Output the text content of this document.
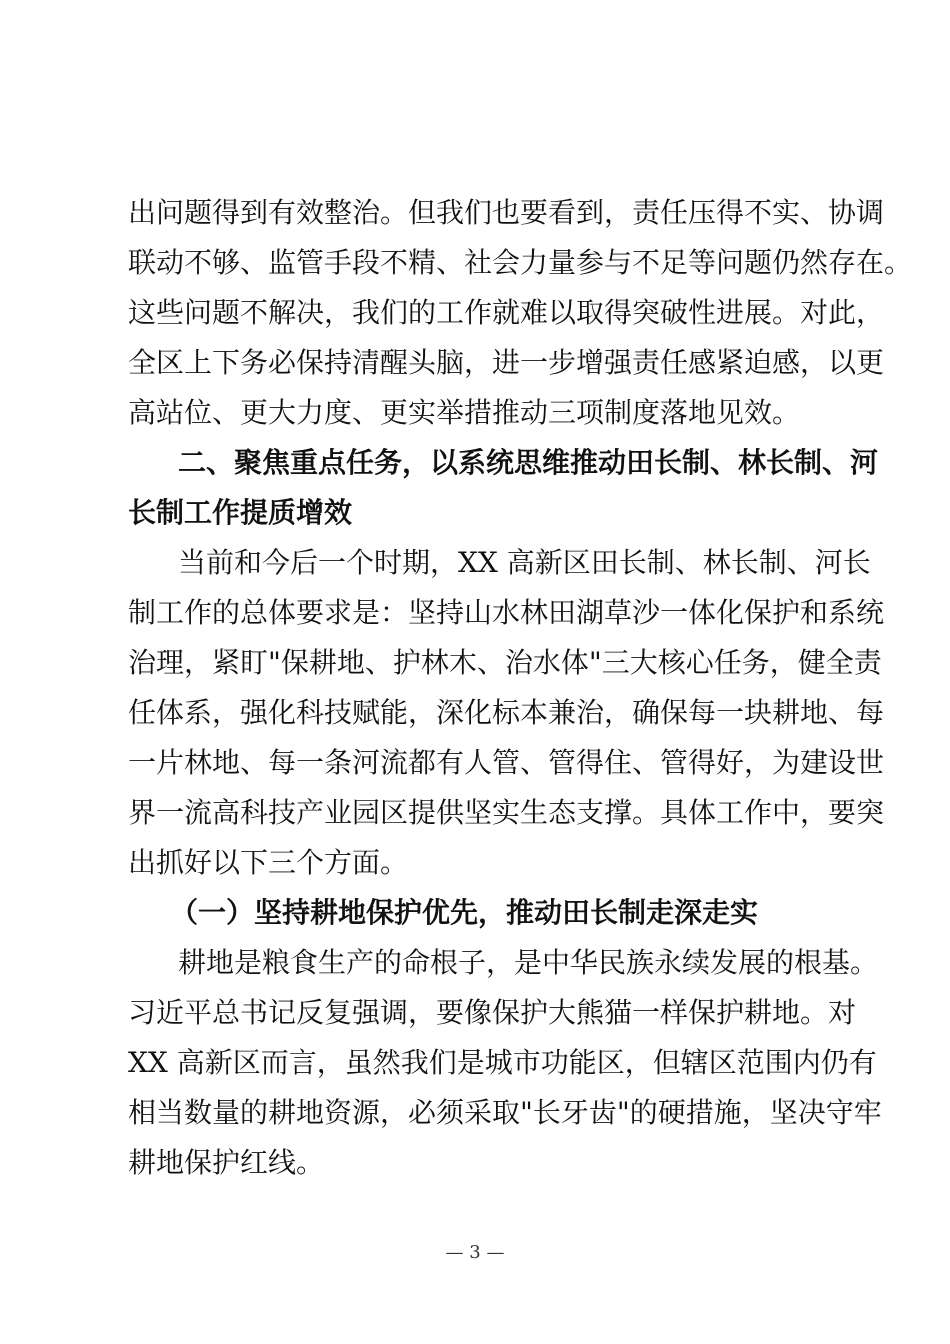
出问题得到有效整治。但我们也要看到，责任压得不实、协调
联动不够、监管手段不精、社会力量参与不足等问题仍然存在。
这些问题不解决，我们的工作就难以取得突破性进展。对此，
全区上下务必保持清醒头脑，进一步增强责任感紧迫感，以更
高站位、更大力度、更实举措推动三项制度落地见效。
二、聚焦重点任务，以系统思维推动田长制、林长制、河
长制工作提质增效
当前和今后一个时期，XX 高新区田长制、林长制、河长
制工作的总体要求是：坚持山水林田湖草沙一体化保护和系统
治理，紧盯"保耕地、护林木、治水体"三大核心任务，健全责
任体系，强化科技赋能，深化标本兼治，确保每一块耕地、每
一片林地、每一条河流都有人管、管得住、管得好，为建设世
界一流高科技产业园区提供坚实生态支撑。具体工作中，要突
出抓好以下三个方面。
（一）坚持耕地保护优先，推动田长制走深走实
耕地是粮食生产的命根子，是中华民族永续发展的根基。
习近平总书记反复强调，要像保护大熊猫一样保护耕地。对
XX 高新区而言，虽然我们是城市功能区，但辖区范围内仍有
相当数量的耕地资源，必须采取"长牙齿"的硬措施，坚决守牢
耕地保护红线。
— 3 —
